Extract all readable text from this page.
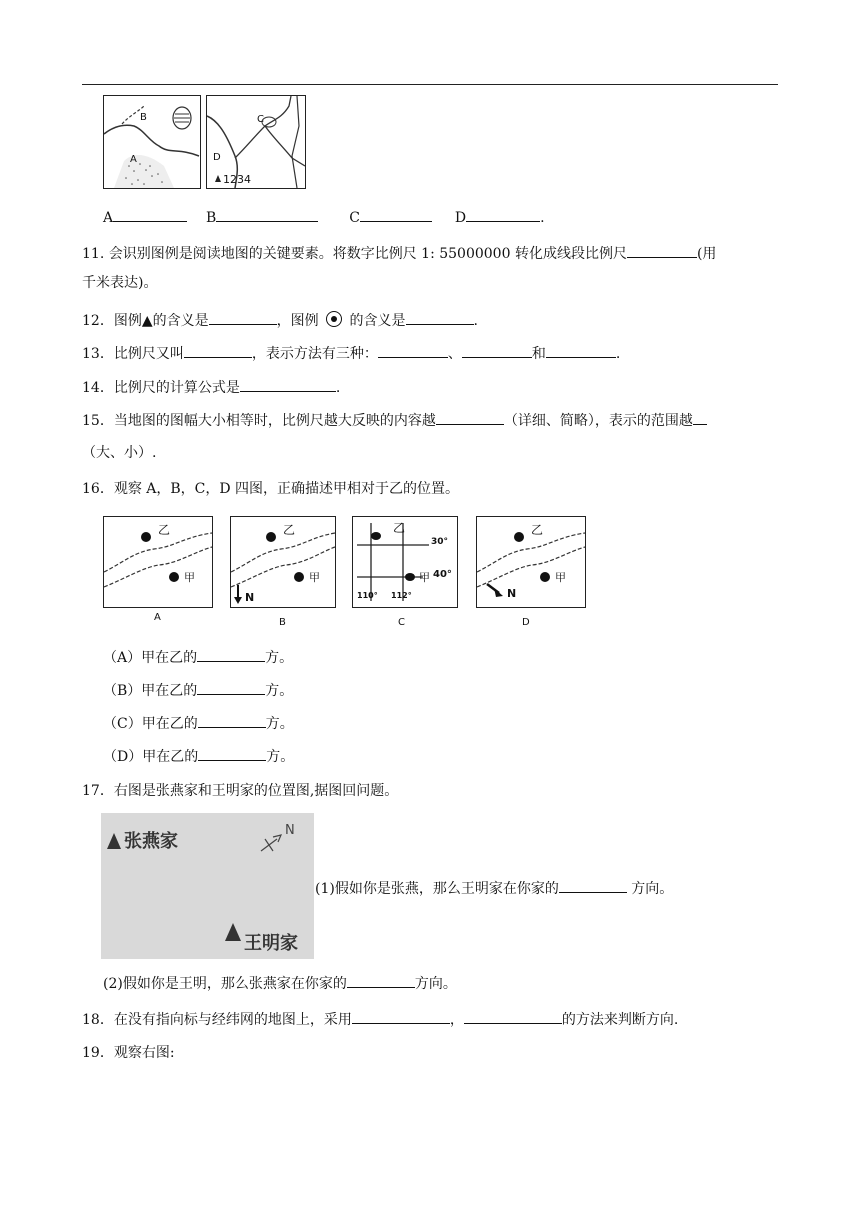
B
A
C
D
1234
A	B	C	D	.
11. 会识别图例是阅读地图的关键要素。将数字比例尺 1: 55000000 转化成线段比例尺	(用
千米表达)。
12．图例▲的含义是	，图例 的含义是	.
13．比例尺又叫	，表示方法有三种：	、	和	.
14．比例尺的计算公式是	.
15．当地图的图幅大小相等时，比例尺越大反映的内容越	（详细、简略），表示的范围越
（大、小）.
16．观察 A，B，C，D 四图，正确描述甲相对于乙的位置。
乙
甲
A
乙
甲
N
B
乙
30°
甲 40°
110° 112°
C
乙
甲
N
D
（A）甲在乙的	方。
（B）甲在乙的	方。
（C）甲在乙的	方。
（D）甲在乙的	方。
17．右图是张燕家和王明家的位置图,据图回问题。
张燕家
王明家
N
(1)假如你是张燕，那么王明家在你家的	方向。
(2)假如你是王明，那么张燕家在你家的	方向。
18．在没有指向标与经纬网的地图上，采用	，	的方法来判断方向.
19．观察右图:
